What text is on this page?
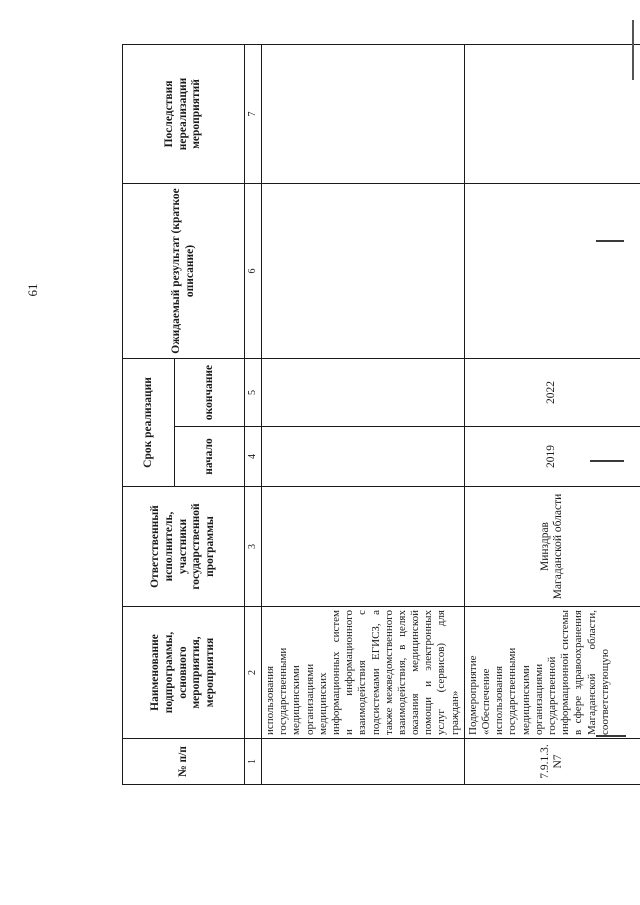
61
№ п/п	Наименование подпрограммы, основного мероприятия, мероприятия	Ответственный исполнитель, участники государственной программы	Срок реализации		Ожидаемый результат (краткое описание)	Последствия нереализации мероприятий
			начало	окончание		
1	2	3	4	5	6	7
	использования государственными медицинскими организациями медицинских информационных систем и информационного взаимодействия с подсистемами ЕГИСЗ, а также межведомственного взаимодействия, в целях оказания медицинской помощи и электронных услуг (сервисов) для граждан»					
7.9.1.3. N7	Подмероприятие «Обеспечение использования государственными медицинскими организациями государственной информационной системы в сфере здравоохранения Магаданской области, соответствующую	Минздрав Магаданской области	2019	2022		
